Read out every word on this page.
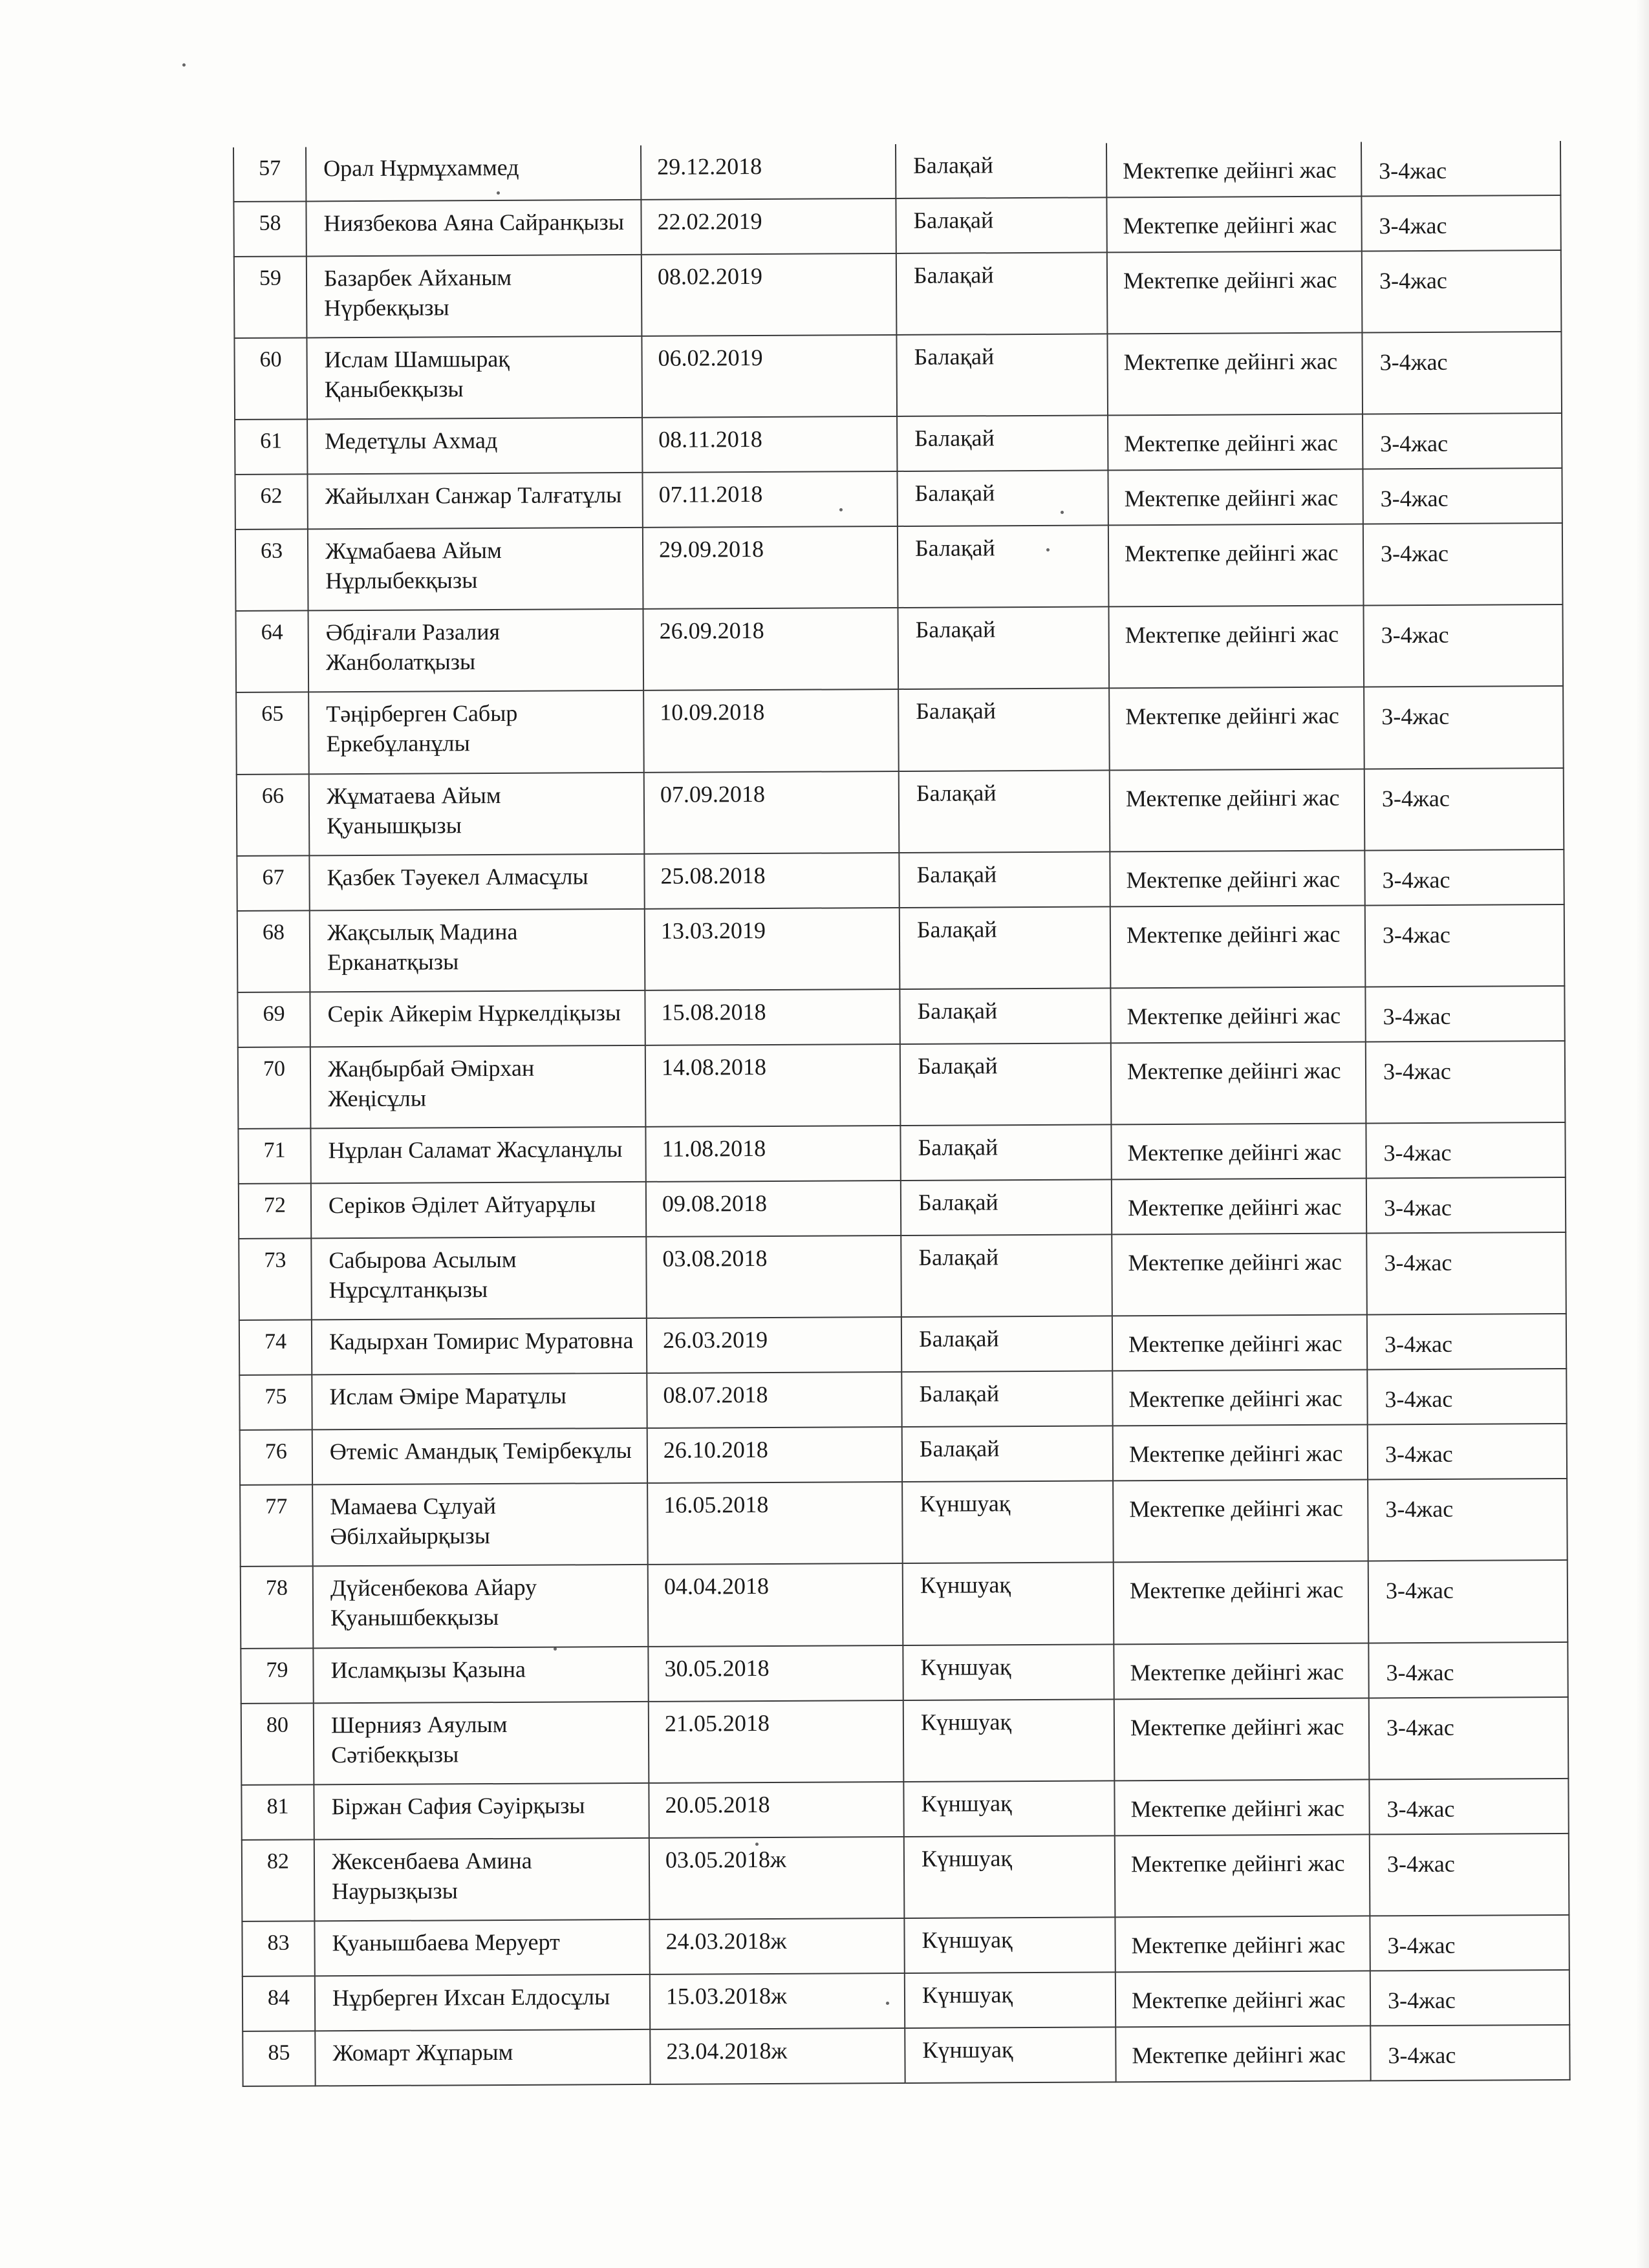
57	Орал Нұрмұхаммед	29.12.2018	Балақай	Мектепке дейінгі жас	3-4жас
58	Ниязбекова Аяна Сайранқызы	22.02.2019	Балақай	Мектепке дейінгі жас	3-4жас
59	Базарбек Айханым Нүрбекқызы	08.02.2019	Балақай	Мектепке дейінгі жас	3-4жас
60	Ислам Шамшырақ Қаныбекқызы	06.02.2019	Балақай	Мектепке дейінгі жас	3-4жас
61	Медетұлы Ахмад	08.11.2018	Балақай	Мектепке дейінгі жас	3-4жас
62	Жайылхан Санжар Талғатұлы	07.11.2018	Балақай	Мектепке дейінгі жас	3-4жас
63	Жұмабаева Айым Нұрлыбекқызы	29.09.2018	Балақай	Мектепке дейінгі жас	3-4жас
64	Әбдіғали Разалия Жанболатқызы	26.09.2018	Балақай	Мектепке дейінгі жас	3-4жас
65	Тәңірберген Сабыр Еркебұланұлы	10.09.2018	Балақай	Мектепке дейінгі жас	3-4жас
66	Жұматаева Айым Қуанышқызы	07.09.2018	Балақай	Мектепке дейінгі жас	3-4жас
67	Қазбек Тәуекел Алмасұлы	25.08.2018	Балақай	Мектепке дейінгі жас	3-4жас
68	Жақсылық Мадина Ерканатқызы	13.03.2019	Балақай	Мектепке дейінгі жас	3-4жас
69	Серік Айкерім Нұркелдіқызы	15.08.2018	Балақай	Мектепке дейінгі жас	3-4жас
70	Жаңбырбай Әмірхан Жеңісұлы	14.08.2018	Балақай	Мектепке дейінгі жас	3-4жас
71	Нұрлан Саламат Жасұланұлы	11.08.2018	Балақай	Мектепке дейінгі жас	3-4жас
72	Серіков Әділет Айтуарұлы	09.08.2018	Балақай	Мектепке дейінгі жас	3-4жас
73	Сабырова Асылым Нұрсұлтанқызы	03.08.2018	Балақай	Мектепке дейінгі жас	3-4жас
74	Кадырхан Томирис Муратовна	26.03.2019	Балақай	Мектепке дейінгі жас	3-4жас
75	Ислам Әміре Маратұлы	08.07.2018	Балақай	Мектепке дейінгі жас	3-4жас
76	Өтеміс Амандық Темірбекұлы	26.10.2018	Балақай	Мектепке дейінгі жас	3-4жас
77	Мамаева Сұлуай Әбілхайырқызы	16.05.2018	Күншуақ	Мектепке дейінгі жас	3-4жас
78	Дүйсенбекова Айару Қуанышбекқызы	04.04.2018	Күншуақ	Мектепке дейінгі жас	3-4жас
79	Исламқызы Қазына	30.05.2018	Күншуақ	Мектепке дейінгі жас	3-4жас
80	Шернияз Аяулым Сәтібекқызы	21.05.2018	Күншуақ	Мектепке дейінгі жас	3-4жас
81	Біржан Сафия Сәуірқызы	20.05.2018	Күншуақ	Мектепке дейінгі жас	3-4жас
82	Жексенбаева Амина Наурызқызы	03.05.2018ж	Күншуақ	Мектепке дейінгі жас	3-4жас
83	Қуанышбаева Меруерт	24.03.2018ж	Күншуақ	Мектепке дейінгі жас	3-4жас
84	Нұрберген Ихсан Елдосұлы	15.03.2018ж	Күншуақ	Мектепке дейінгі жас	3-4жас
85	Жомарт Жұпарым	23.04.2018ж	Күншуақ	Мектепке дейінгі жас	3-4жас
